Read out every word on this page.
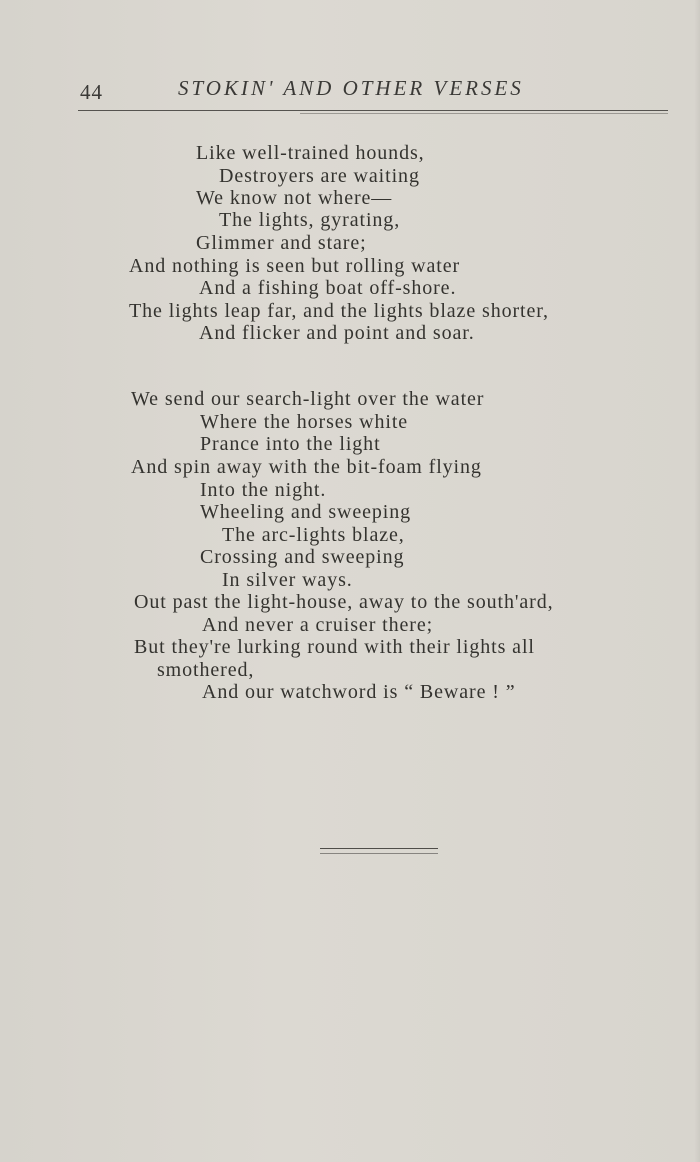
44	STOKIN' AND OTHER VERSES
Like well-trained hounds,
Destroyers are waiting
We know not where—
The lights, gyrating,
Glimmer and stare;
And nothing is seen but rolling water
And a fishing boat off-shore.
The lights leap far, and the lights blaze shorter,
And flicker and point and soar.
We send our search-light over the water
Where the horses white
Prance into the light
And spin away with the bit-foam flying
Into the night.
Wheeling and sweeping
The arc-lights blaze,
Crossing and sweeping
In silver ways.
Out past the light-house, away to the south'ard,
And never a cruiser there;
But they're lurking round with their lights all
smothered,
And our watchword is “ Beware ! ”
